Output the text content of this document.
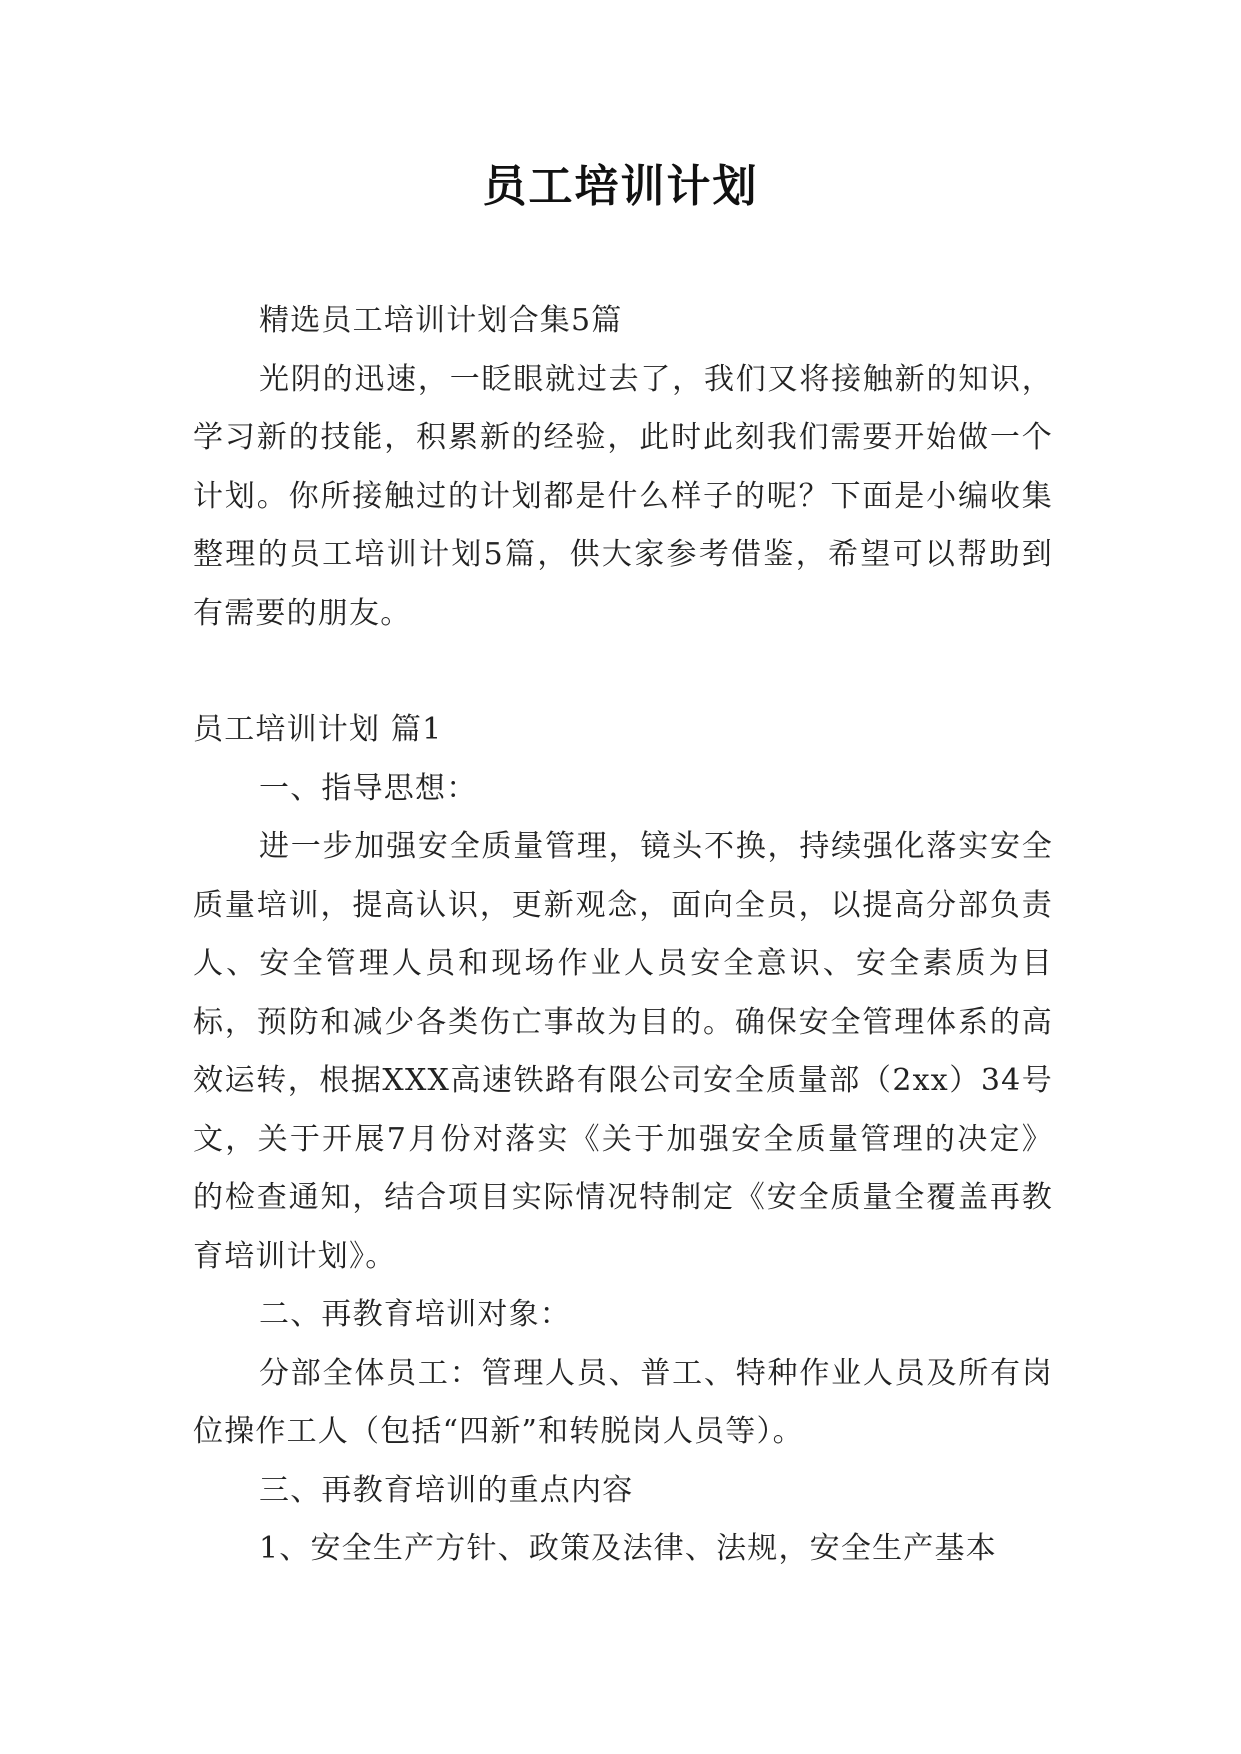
员工培训计划

精选员工培训计划合集5篇

光阴的迅速，一眨眼就过去了，我们又将接触新的知识，学习新的技能，积累新的经验，此时此刻我们需要开始做一个计划。你所接触过的计划都是什么样子的呢？下面是小编收集整理的员工培训计划5篇，供大家参考借鉴，希望可以帮助到有需要的朋友。

员工培训计划 篇1

一、指导思想：

进一步加强安全质量管理，镜头不换，持续强化落实安全质量培训，提高认识，更新观念，面向全员，以提高分部负责人、安全管理人员和现场作业人员安全意识、安全素质为目标，预防和减少各类伤亡事故为目的。确保安全管理体系的高效运转，根据XXX高速铁路有限公司安全质量部（2xx）34号文，关于开展7月份对落实《关于加强安全质量管理的决定》的检查通知，结合项目实际情况特制定《安全质量全覆盖再教育培训计划》。

二、再教育培训对象：

分部全体员工：管理人员、普工、特种作业人员及所有岗位操作工人（包括“四新”和转脱岗人员等）。

三、再教育培训的重点内容

1、安全生产方针、政策及法律、法规，安全生产基本
